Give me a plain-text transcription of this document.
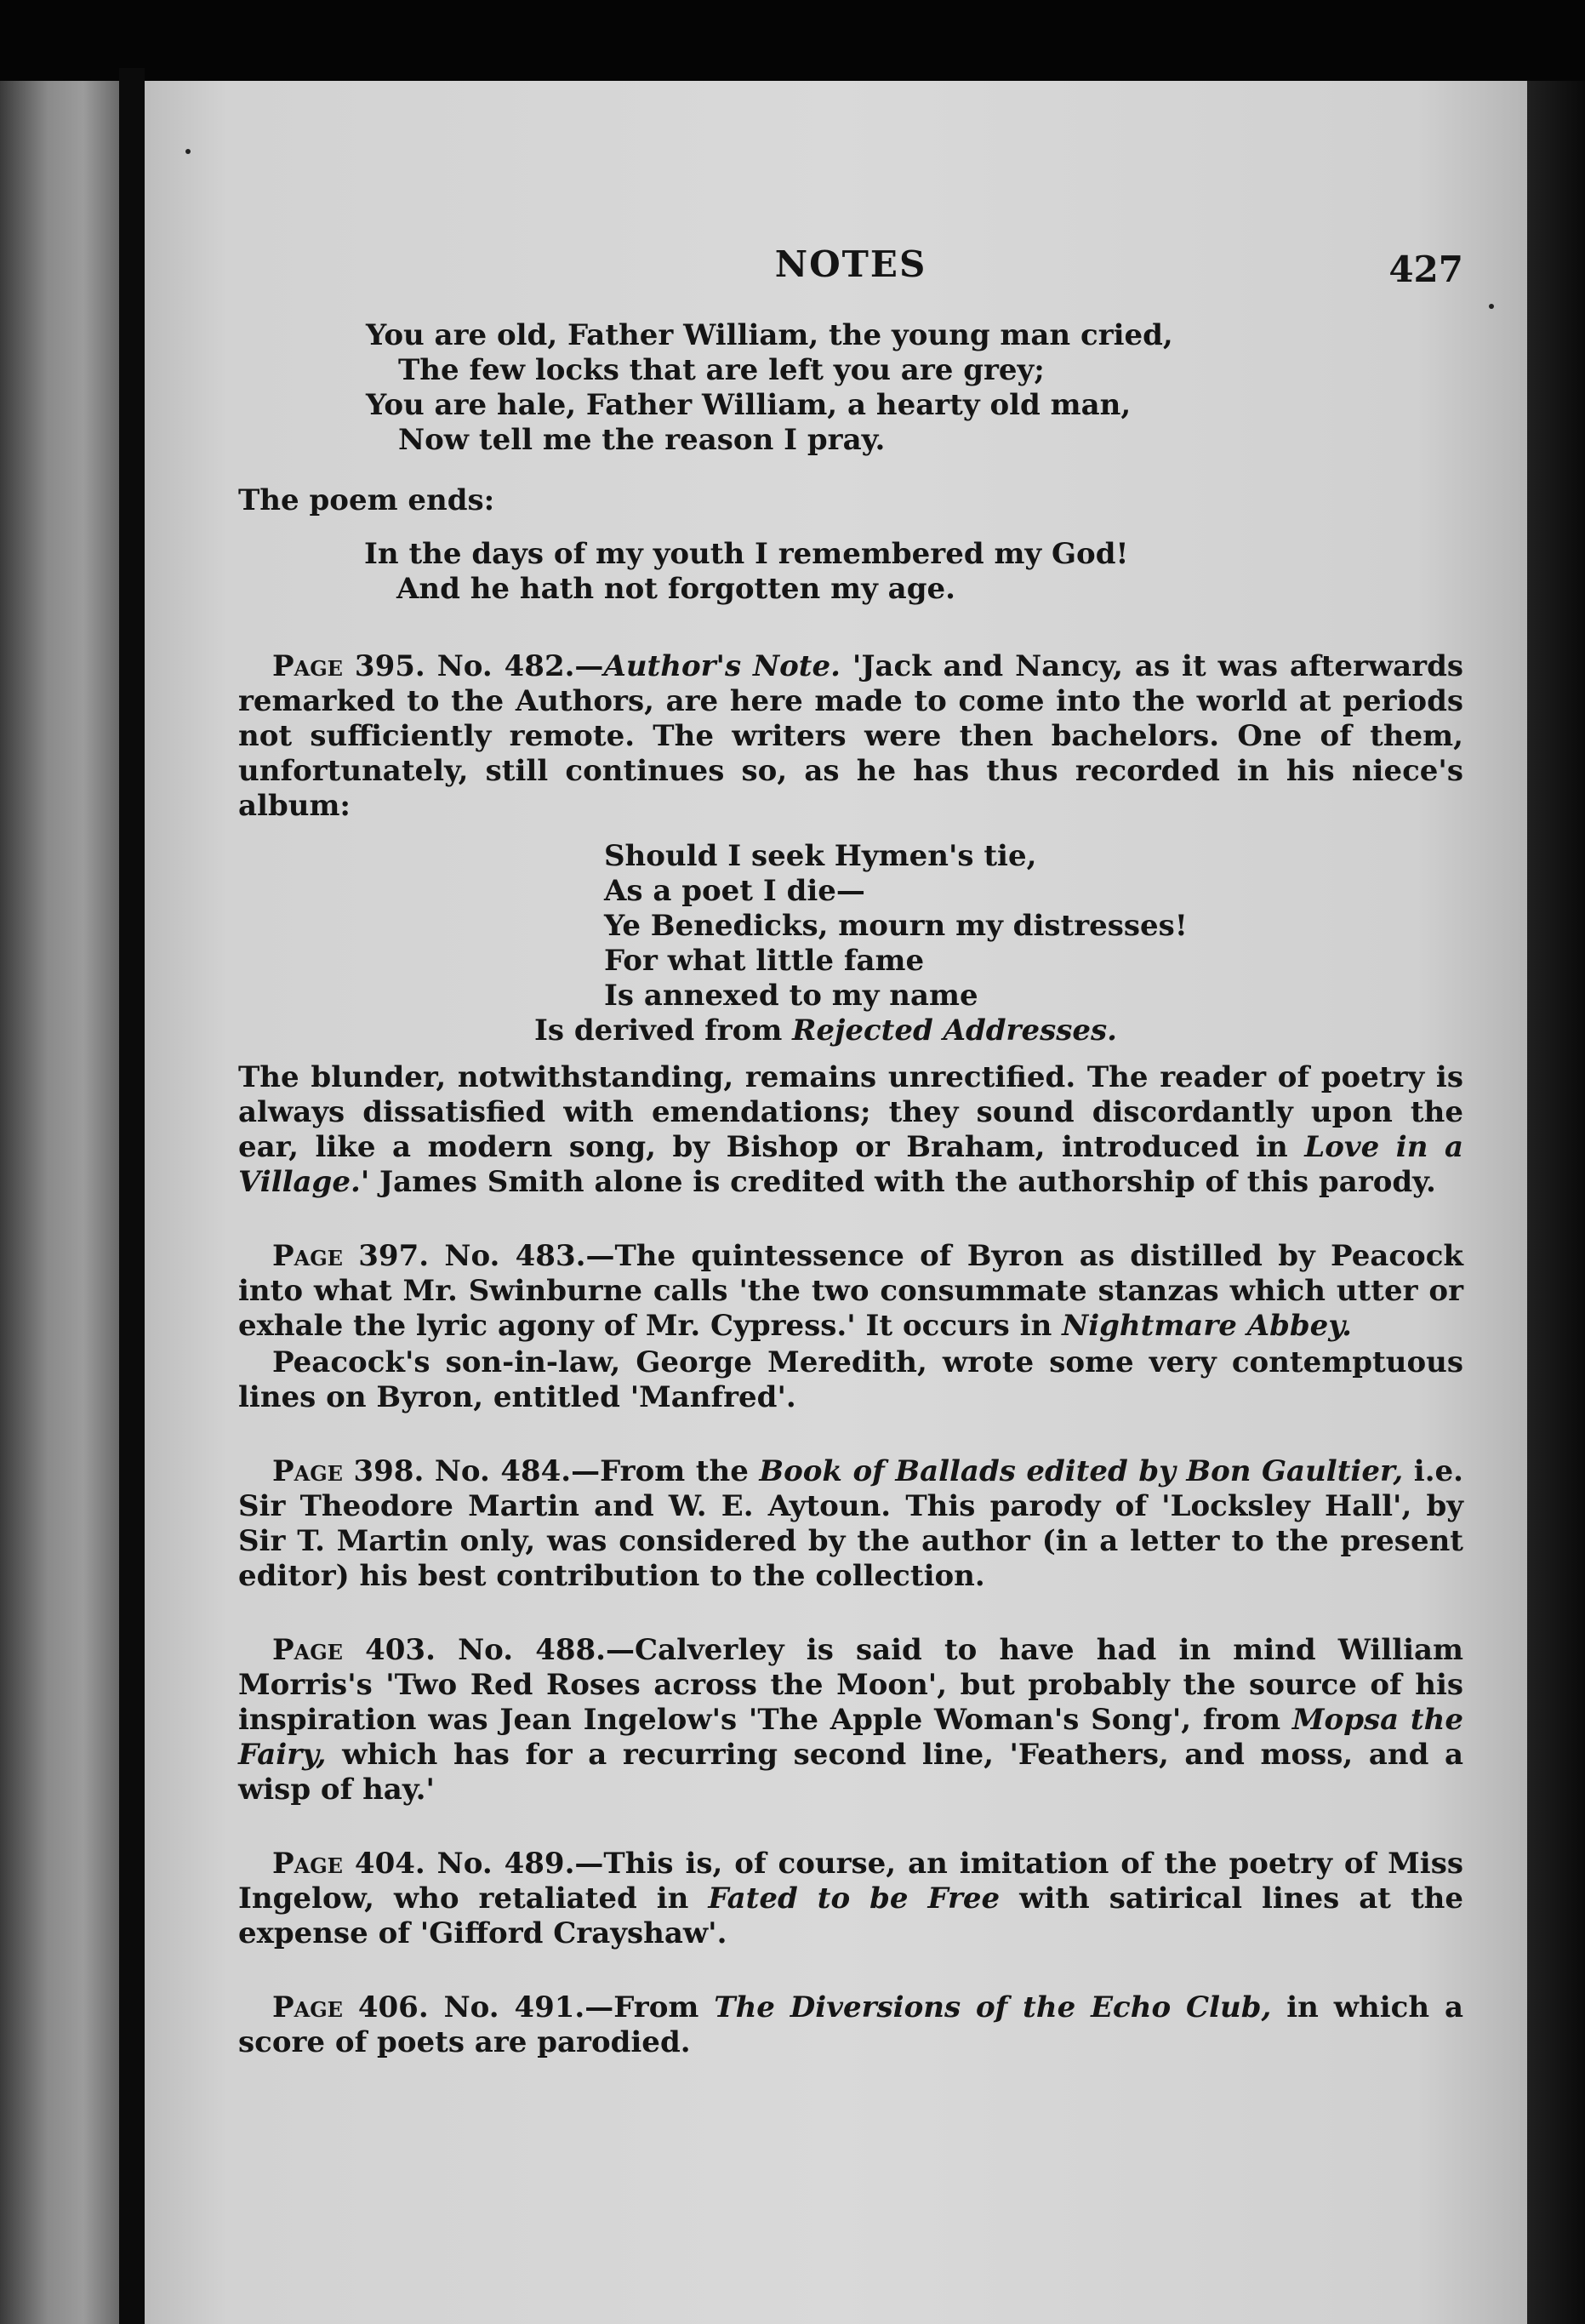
NOTES	427
You are old, Father William, the young man cried,
The few locks that are left you are grey;
You are hale, Father William, a hearty old man,
Now tell me the reason I pray.

The poem ends:

In the days of my youth I remembered my God!
And he hath not forgotten my age.

Page 395. No. 482.—Author's Note. 'Jack and Nancy, as it was afterwards remarked to the Authors, are here made to come into the world at periods not sufficiently remote. The writers were then bachelors. One of them, unfortunately, still continues so, as he has thus recorded in his niece's album:

Should I seek Hymen's tie,
As a poet I die—
Ye Benedicks, mourn my distresses!
For what little fame
Is annexed to my name
Is derived from Rejected Addresses.

The blunder, notwithstanding, remains unrectified. The reader of poetry is always dissatisfied with emendations; they sound discordantly upon the ear, like a modern song, by Bishop or Braham, introduced in Love in a Village.' James Smith alone is credited with the authorship of this parody.

Page 397. No. 483.—The quintessence of Byron as distilled by Peacock into what Mr. Swinburne calls 'the two consummate stanzas which utter or exhale the lyric agony of Mr. Cypress.' It occurs in Nightmare Abbey.

Peacock's son-in-law, George Meredith, wrote some very contemptuous lines on Byron, entitled 'Manfred'.

Page 398. No. 484.—From the Book of Ballads edited by Bon Gaultier, i.e. Sir Theodore Martin and W. E. Aytoun. This parody of 'Locksley Hall', by Sir T. Martin only, was considered by the author (in a letter to the present editor) his best contribution to the collection.

Page 403. No. 488.—Calverley is said to have had in mind William Morris's 'Two Red Roses across the Moon', but probably the source of his inspiration was Jean Ingelow's 'The Apple Woman's Song', from Mopsa the Fairy, which has for a recurring second line, 'Feathers, and moss, and a wisp of hay.'

Page 404. No. 489.—This is, of course, an imitation of the poetry of Miss Ingelow, who retaliated in Fated to be Free with satirical lines at the expense of 'Gifford Crayshaw'.

Page 406. No. 491.—From The Diversions of the Echo Club, in which a score of poets are parodied.
